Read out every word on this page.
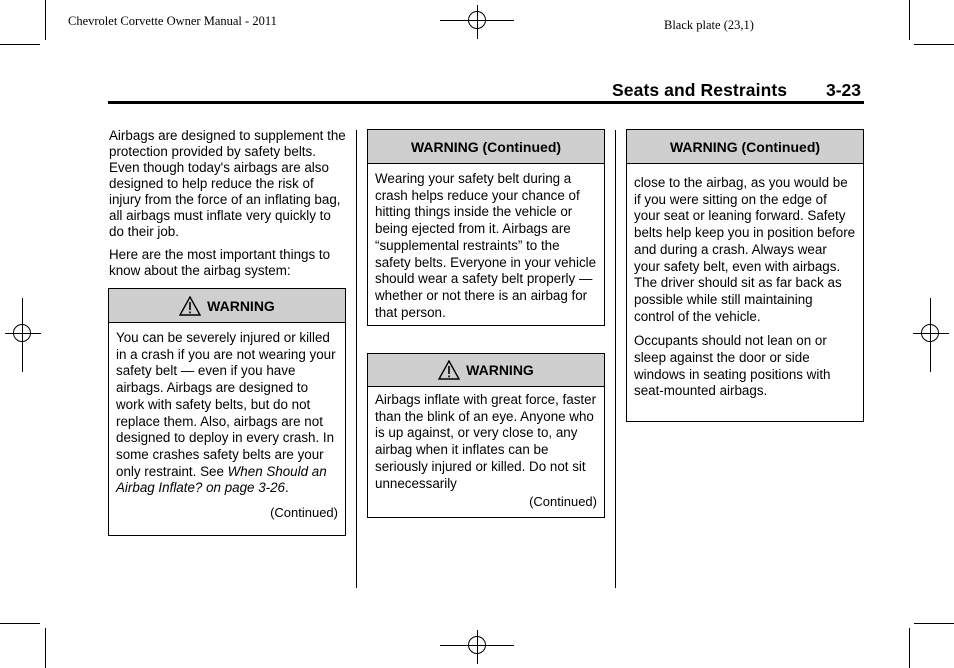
Chevrolet Corvette Owner Manual - 2011	Black plate (23,1)
Seats and Restraints 3-23
Airbags are designed to supplement the protection provided by safety belts. Even though today's airbags are also designed to help reduce the risk of injury from the force of an inflating bag, all airbags must inflate very quickly to do their job.
Here are the most important things to know about the airbag system:
WARNING

You can be severely injured or killed in a crash if you are not wearing your safety belt — even if you have airbags. Airbags are designed to work with safety belts, but do not replace them. Also, airbags are not designed to deploy in every crash. In some crashes safety belts are your only restraint. See When Should an Airbag Inflate? on page 3-26.

(Continued)
WARNING (Continued)

Wearing your safety belt during a crash helps reduce your chance of hitting things inside the vehicle or being ejected from it. Airbags are “supplemental restraints” to the safety belts. Everyone in your vehicle should wear a safety belt properly — whether or not there is an airbag for that person.

WARNING

Airbags inflate with great force, faster than the blink of an eye. Anyone who is up against, or very close to, any airbag when it inflates can be seriously injured or killed. Do not sit unnecessarily

(Continued)
WARNING (Continued)

close to the airbag, as you would be if you were sitting on the edge of your seat or leaning forward. Safety belts help keep you in position before and during a crash. Always wear your safety belt, even with airbags. The driver should sit as far back as possible while still maintaining control of the vehicle.

Occupants should not lean on or sleep against the door or side windows in seating positions with seat-mounted airbags.
